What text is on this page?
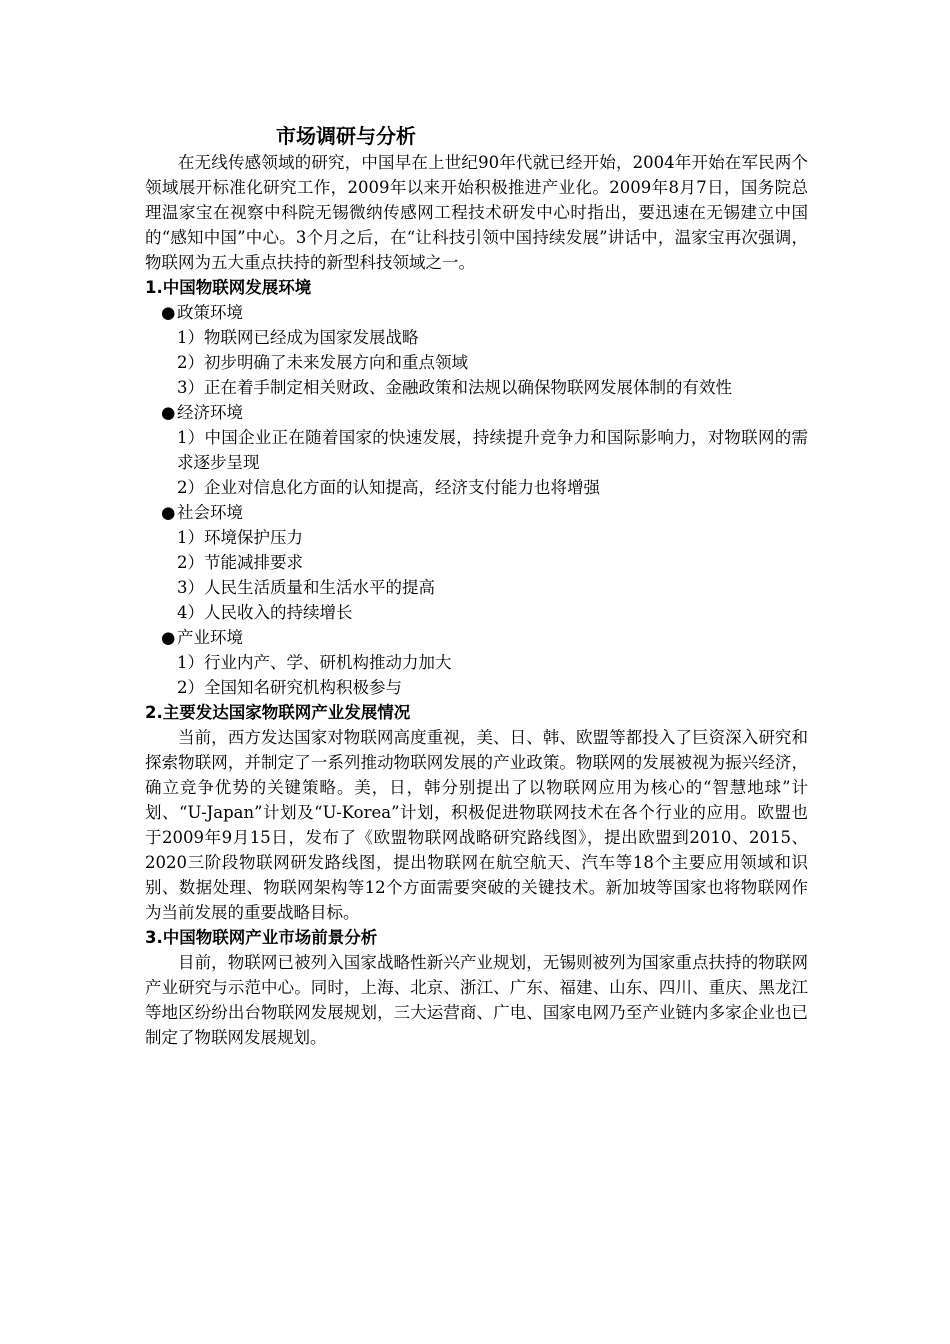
市场调研与分析

在无线传感领域的研究，中国早在上世纪90年代就已经开始，2004年开始在军民两个领域展开标准化研究工作，2009年以来开始积极推进产业化。2009年8月7日，国务院总理温家宝在视察中科院无锡微纳传感网工程技术研发中心时指出，要迅速在无锡建立中国的“感知中国”中心。3个月之后，在“让科技引领中国持续发展”讲话中，温家宝再次强调，物联网为五大重点扶持的新型科技领域之一。

1.中国物联网发展环境

●政策环境

1）物联网已经成为国家发展战略

2）初步明确了未来发展方向和重点领域

3）正在着手制定相关财政、金融政策和法规以确保物联网发展体制的有效性

●经济环境

1）中国企业正在随着国家的快速发展，持续提升竞争力和国际影响力，对物联网的需求逐步呈现

2）企业对信息化方面的认知提高，经济支付能力也将增强

●社会环境

1）环境保护压力

2）节能减排要求

3）人民生活质量和生活水平的提高

4）人民收入的持续增长

●产业环境

1）行业内产、学、研机构推动力加大

2）全国知名研究机构积极参与

2.主要发达国家物联网产业发展情况

当前，西方发达国家对物联网高度重视，美、日、韩、欧盟等都投入了巨资深入研究和探索物联网，并制定了一系列推动物联网发展的产业政策。物联网的发展被视为振兴经济，确立竞争优势的关键策略。美，日，韩分别提出了以物联网应用为核心的“智慧地球”计划、“U-Japan”计划及“U-Korea”计划，积极促进物联网技术在各个行业的应用。欧盟也于2009年9月15日，发布了《欧盟物联网战略研究路线图》，提出欧盟到2010、2015、2020三阶段物联网研发路线图，提出物联网在航空航天、汽车等18个主要应用领域和识别、数据处理、物联网架构等12个方面需要突破的关键技术。新加坡等国家也将物联网作为当前发展的重要战略目标。

3.中国物联网产业市场前景分析

目前，物联网已被列入国家战略性新兴产业规划，无锡则被列为国家重点扶持的物联网产业研究与示范中心。同时，上海、北京、浙江、广东、福建、山东、四川、重庆、黑龙江等地区纷纷出台物联网发展规划，三大运营商、广电、国家电网乃至产业链内多家企业也已制定了物联网发展规划。
